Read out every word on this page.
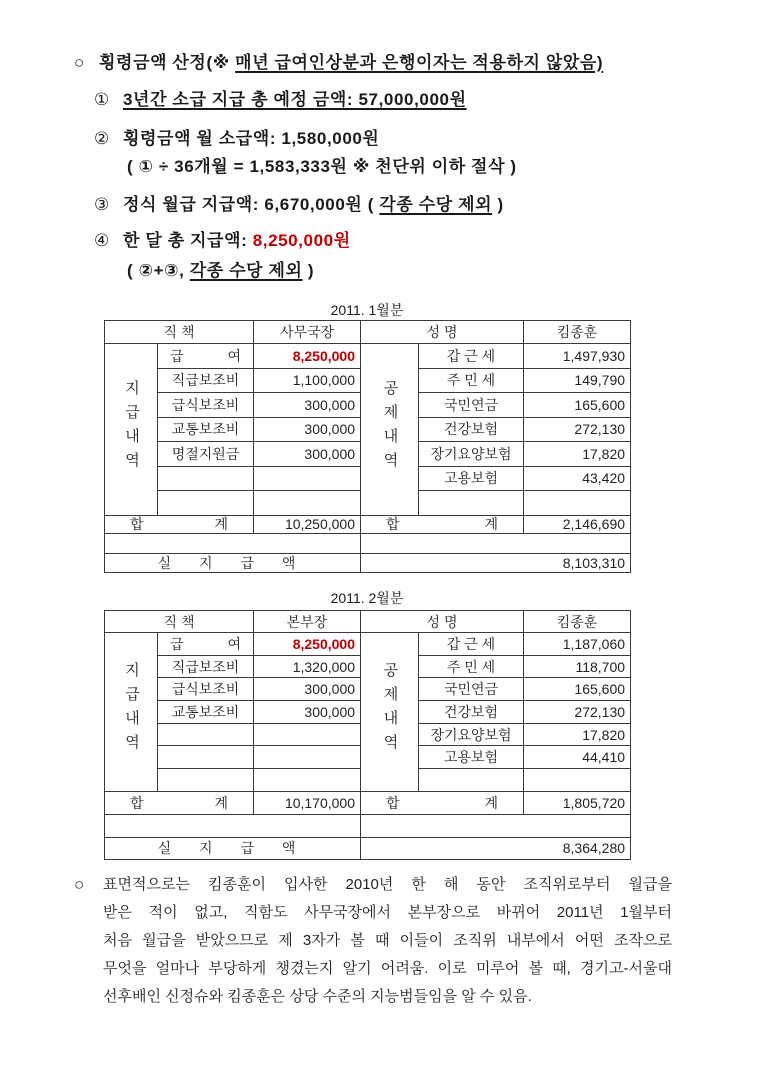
○ 횡령금액 산정(※ 매년 급여인상분과 은행이자는 적용하지 않았음)
① 3년간 소급 지급 총 예정 금액: 57,000,000원
② 횡령금액 월 소급액: 1,580,000원
( ① ÷ 36개월 = 1,583,333원 ※ 천단위 이하 절삭 )
③ 정식 월급 지급액: 6,670,000원 ( 각종 수당 제외 )
④ 한 달 총 지급액: 8,250,000원
( ②+③, 각종 수당 제외 )
2011. 1월분
직 책		사무국장	성 명		킴종훈
지급내역	급 여	8,250,000	공제내역	갑 근 세	1,497,930
	직급보조비	1,100,000		주 민 세	149,790
	급식보조비	300,000		국민연금	165,600
	교통보조비	300,000		건강보험	272,130
	명절지원금	300,000		장기요양보험	17,820
				고용보험	43,420

합 계		10,250,000	합 계		2,146,690

실 지 급 액			8,103,310		
2011. 2월분
직 책		본부장	성 명		킴종훈
지급내역	급 여	8,250,000	공제내역	갑 근 세	1,187,060
	직급보조비	1,320,000		주 민 세	118,700
	급식보조비	300,000		국민연금	165,600
	교통보조비	300,000		건강보험	272,130
				장기요양보험	17,820
				고용보험	44,410

합 계		10,170,000	합 계		1,805,720

실 지 급 액			8,364,280		
○ 표면적으로는 킴종훈이 입사한 2010년 한 해 동안 조직위로부터 월급을
받은 적이 없고, 직함도 사무국장에서 본부장으로 바뀌어 2011년 1월부터
처음 월급을 받았으므로 제 3자가 볼 때 이들이 조직위 내부에서 어떤 조작으로
무엇을 얼마나 부당하게 챙겼는지 알기 어려움. 이로 미루어 볼 때, 경기고-서울대
선후배인 신정슈와 킴종훈은 상당 수준의 지능범들임을 알 수 있음.
